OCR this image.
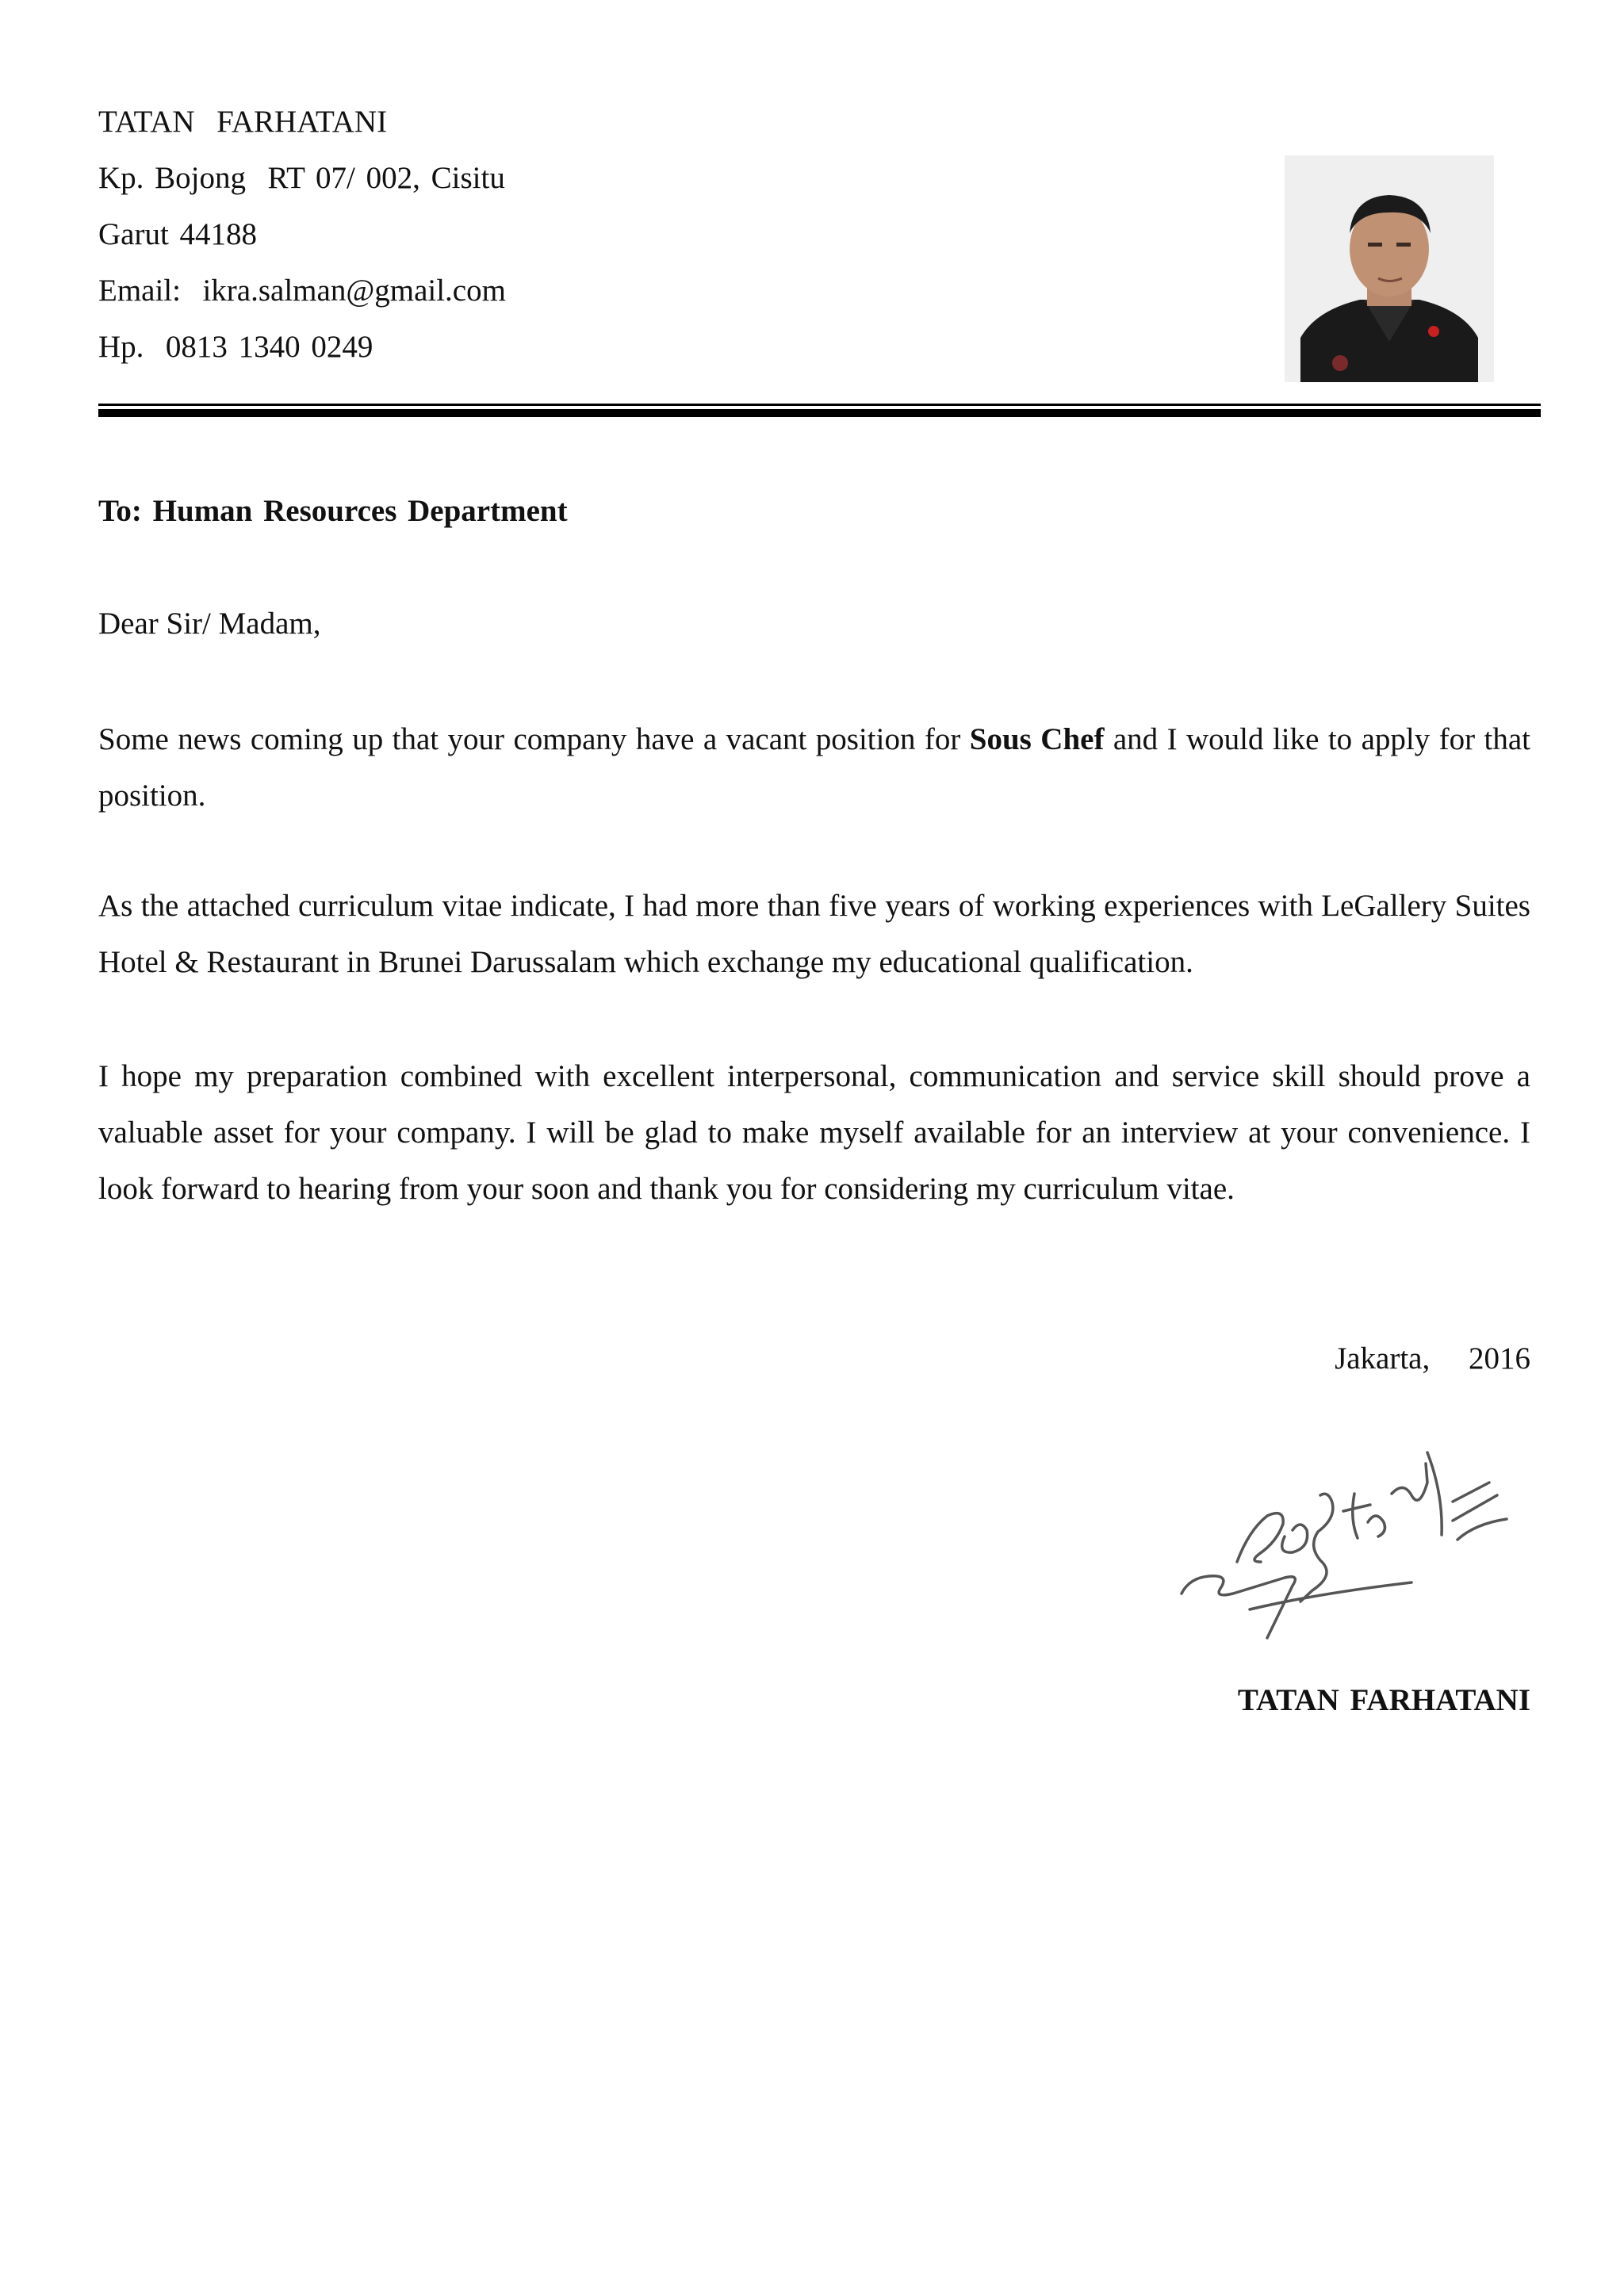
TATAN  FARHATANI
Kp. Bojong  RT 07/ 002, Cisitu
Garut 44188
Email:  ikra.salman@gmail.com
Hp.  0813 1340 0249
To: Human Resources Department
Dear Sir/ Madam,
Some news coming up that your company have a vacant position for Sous Chef and I would like to apply for that position.
As the attached curriculum vitae indicate, I had more than five years of working experiences with LeGallery Suites Hotel & Restaurant in Brunei Darussalam which exchange my educational qualification.
I hope my preparation combined with excellent interpersonal, communication and service skill should prove a valuable asset for your company. I will be glad to make myself available for an interview at your convenience. I look forward to hearing from your soon and thank you for considering my curriculum vitae.
Jakarta,     2016
TATAN FARHATANI
